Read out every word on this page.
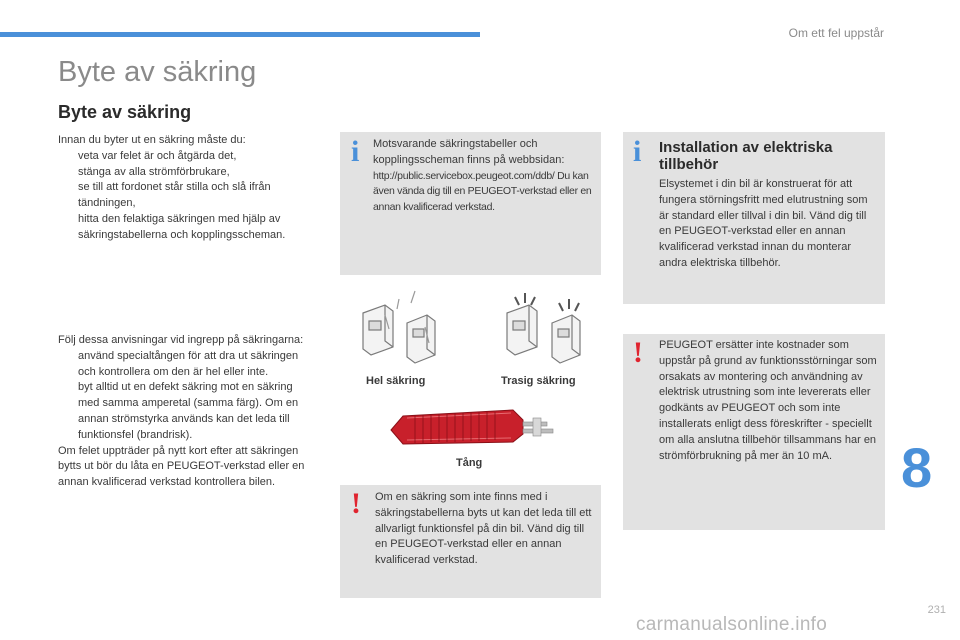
Om ett fel uppstår
Byte av säkring
Byte av säkring

Innan du byter ut en säkring måste du:

veta var felet är och åtgärda det,
stänga av alla strömförbrukare,
se till att fordonet står stilla och slå ifrån tändningen,
hitta den felaktiga säkringen med hjälp av säkringstabellerna och kopplingsscheman.

Följ dessa anvisningar vid ingrepp på säkringarna:

använd specialtången för att dra ut säkringen och kontrollera om den är hel eller inte.
byt alltid ut en defekt säkring mot en säkring med samma amperetal (samma färg). Om en annan strömstyrka används kan det leda till funktionsfel (brandrisk).

Om felet uppträder på nytt kort efter att säkringen bytts ut bör du låta en PEUGEOT-verkstad eller en annan kvalificerad verkstad kontrollera bilen.

i Motsvarande säkringstabeller och kopplingsscheman finns på webbsidan:
http://public.servicebox.peugeot.com/ddb/ Du kan även vända dig till en PEUGEOT-verkstad eller en annan kvalificerad verkstad.
Hel säkring	Trasig säkring
Tång
! Om en säkring som inte finns med i säkringstabellerna byts ut kan det leda till ett allvarligt funktionsfel på din bil. Vänd dig till en PEUGEOT-verkstad eller en annan kvalificerad verkstad.
i Installation av elektriska tillbehör
Elsystemet i din bil är konstruerat för att fungera störningsfritt med elutrustning som är standard eller tillval i din bil. Vänd dig till en PEUGEOT-verkstad eller en annan kvalificerad verkstad innan du monterar andra elektriska tillbehör.
! PEUGEOT ersätter inte kostnader som uppstår på grund av funktionsstörningar som orsakats av montering och användning av elektrisk utrustning som inte levererats eller godkänts av PEUGEOT och som inte installerats enligt dess föreskrifter - speciellt om alla anslutna tillbehör tillsammans har en strömförbrukning på mer än 10 mA.	8
231
carmanualsonline.info
